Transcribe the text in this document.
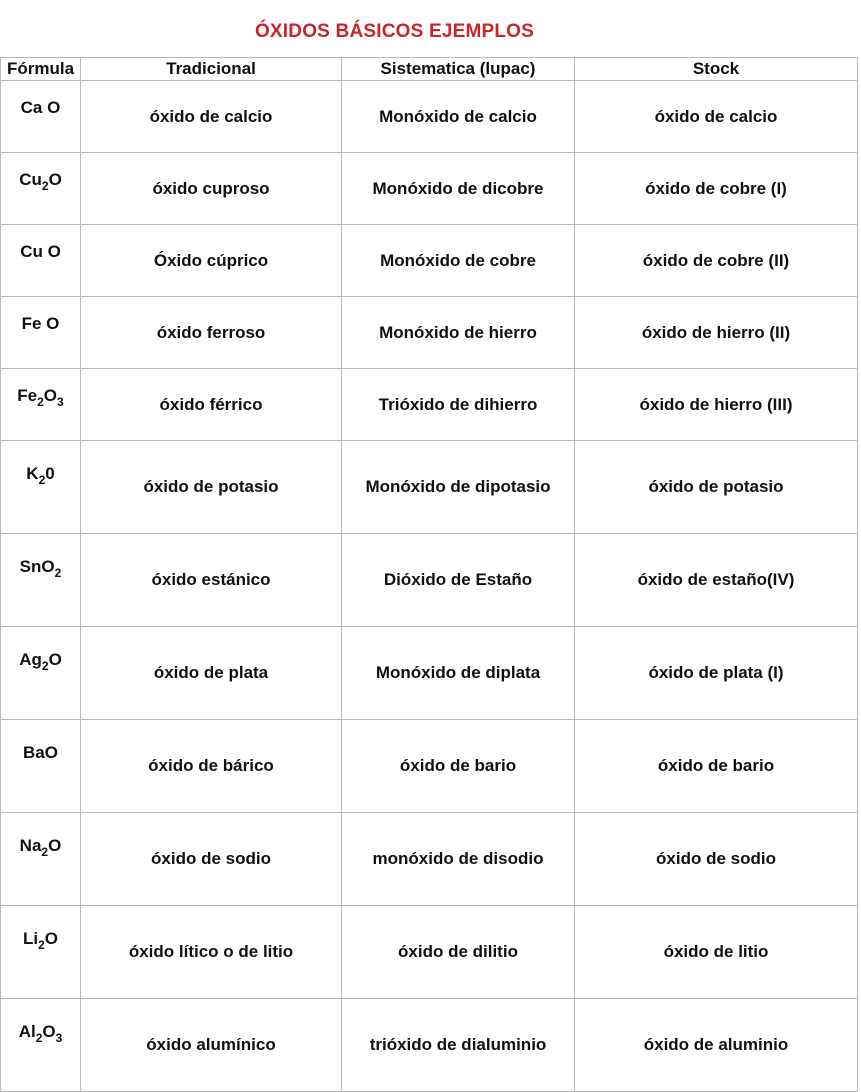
ÓXIDOS BÁSICOS EJEMPLOS
Fórmula	Tradicional	Sistematica (lupac)	Stock
Ca O	óxido de calcio	Monóxido de calcio	óxido de calcio
$Cu_2O$	óxido cuproso	Monóxido de dicobre	óxido de cobre (I)
Cu O	Óxido cúprico	Monóxido de cobre	óxido de cobre (II)
Fe O	óxido ferroso	Monóxido de hierro	óxido de hierro (II)
$Fe_2O_3$	óxido férrico	Trióxido de dihierro	óxido de hierro (III)
$K_20$	óxido de potasio	Monóxido de dipotasio	óxido de potasio
SnO$_2$	óxido estánico	Dióxido de Estaño	óxido de estaño(IV)
$Ag_2O$	óxido de plata	Monóxido de diplata	óxido de plata (I)
BaO	óxido de bárico	óxido de bario	óxido de bario
$Na_2O$	óxido de sodio	monóxido de disodio	óxido de sodio
$Li_2O$	óxido lítico o de litio	óxido de dilitio	óxido de litio
$Al_2O_3$	óxido alumínico	trióxido de dialuminio	óxido de aluminio
